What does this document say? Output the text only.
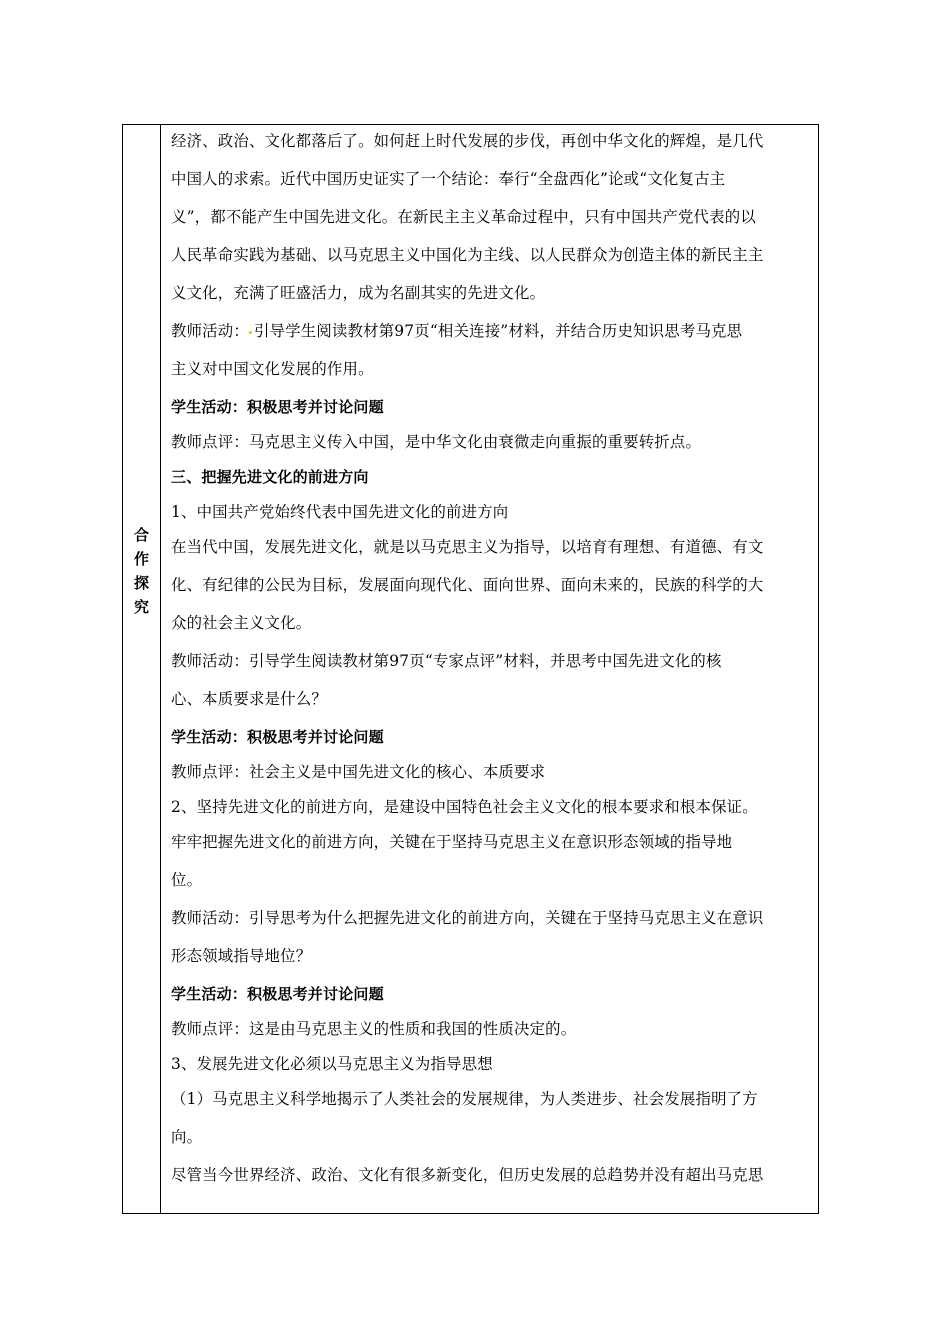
合
作
探
究
经济、政治、文化都落后了。如何赶上时代发展的步伐，再创中华文化的辉煌，是几代
中国人的求索。近代中国历史证实了一个结论：奉行“全盘西化”论或“文化复古主
义”，都不能产生中国先进文化。在新民主主义革命过程中，只有中国共产党代表的以
人民革命实践为基础、以马克思主义中国化为主线、以人民群众为创造主体的新民主主
义文化，充满了旺盛活力，成为名副其实的先进文化。
教师活动： 引导学生阅读教材第97页“相关连接”材料，并结合历史知识思考马克思
主义对中国文化发展的作用。
学生活动：积极思考并讨论问题
教师点评：马克思主义传入中国，是中华文化由衰微走向重振的重要转折点。
三、把握先进文化的前进方向
1、中国共产党始终代表中国先进文化的前进方向
在当代中国，发展先进文化，就是以马克思主义为指导，以培育有理想、有道德、有文
化、有纪律的公民为目标，发展面向现代化、面向世界、面向未来的，民族的科学的大
众的社会主义文化。
教师活动：引导学生阅读教材第97页“专家点评”材料，并思考中国先进文化的核
心、本质要求是什么？
学生活动：积极思考并讨论问题
教师点评：社会主义是中国先进文化的核心、本质要求
2、坚持先进文化的前进方向，是建设中国特色社会主义文化的根本要求和根本保证。
牢牢把握先进文化的前进方向，关键在于坚持马克思主义在意识形态领域的指导地
位。
教师活动：引导思考为什么把握先进文化的前进方向，关键在于坚持马克思主义在意识
形态领域指导地位？
学生活动：积极思考并讨论问题
教师点评：这是由马克思主义的性质和我国的性质决定的。
3、发展先进文化必须以马克思主义为指导思想
（1）马克思主义科学地揭示了人类社会的发展规律，为人类进步、社会发展指明了方
向。
尽管当今世界经济、政治、文化有很多新变化，但历史发展的总趋势并没有超出马克思
